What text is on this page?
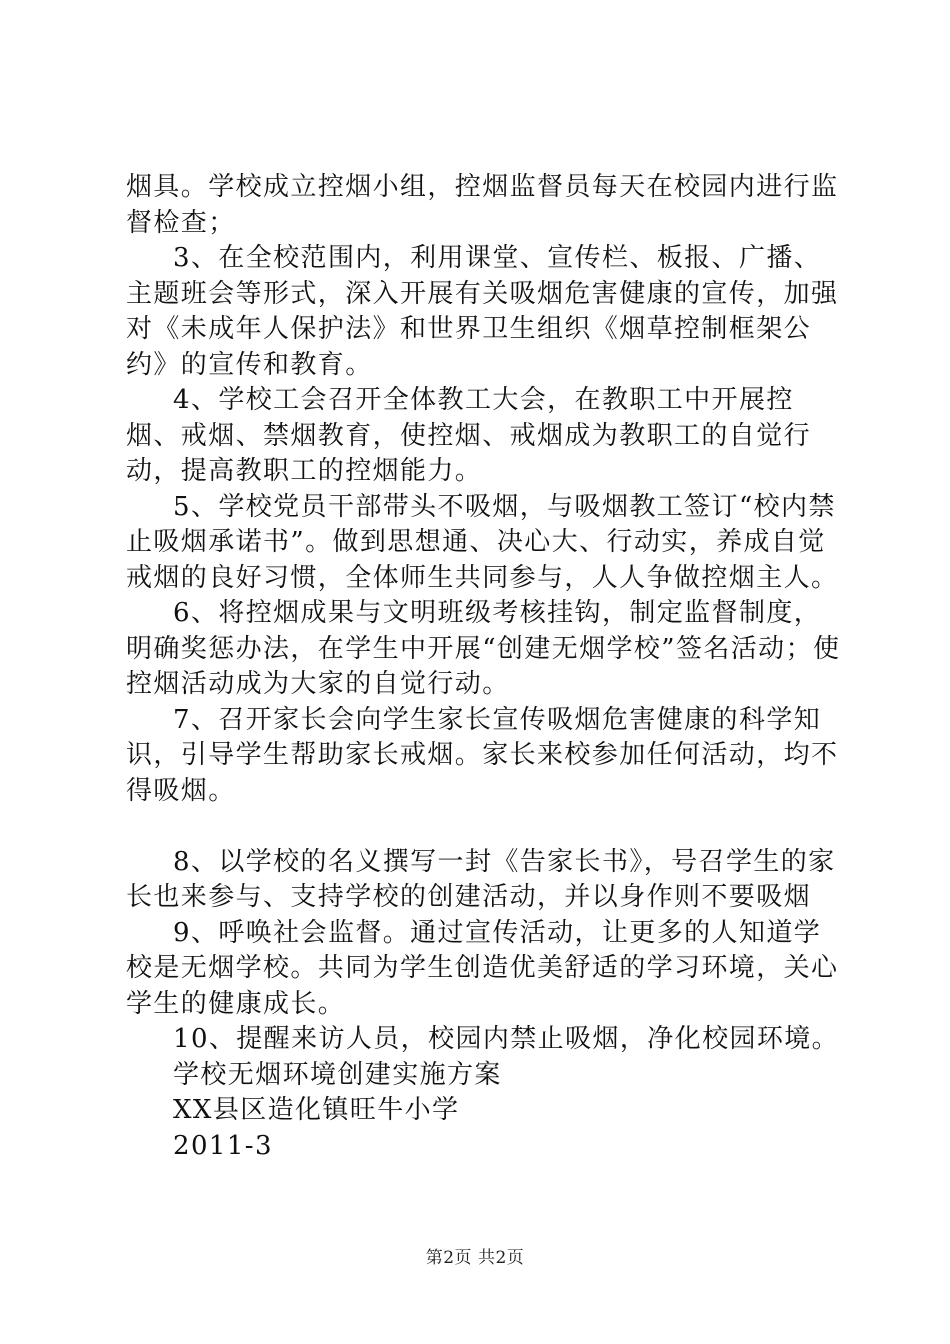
烟具。学校成立控烟小组，控烟监督员每天在校园内进行监督检查；

3、在全校范围内，利用课堂、宣传栏、板报、广播、主题班会等形式，深入开展有关吸烟危害健康的宣传，加强对《未成年人保护法》和世界卫生组织《烟草控制框架公约》的宣传和教育。

4、学校工会召开全体教工大会，在教职工中开展控烟、戒烟、禁烟教育，使控烟、戒烟成为教职工的自觉行动，提高教职工的控烟能力。

5、学校党员干部带头不吸烟，与吸烟教工签订“校内禁止吸烟承诺书”。做到思想通、决心大、行动实，养成自觉戒烟的良好习惯，全体师生共同参与，人人争做控烟主人。

6、将控烟成果与文明班级考核挂钩，制定监督制度，明确奖惩办法，在学生中开展“创建无烟学校”签名活动；使控烟活动成为大家的自觉行动。

7、召开家长会向学生家长宣传吸烟危害健康的科学知识，引导学生帮助家长戒烟。家长来校参加任何活动，均不得吸烟。

8、以学校的名义撰写一封《告家长书》，号召学生的家长也来参与、支持学校的创建活动，并以身作则不要吸烟

9、呼唤社会监督。通过宣传活动，让更多的人知道学校是无烟学校。共同为学生创造优美舒适的学习环境，关心学生的健康成长。

10、提醒来访人员，校园内禁止吸烟，净化校园环境。

学校无烟环境创建实施方案

XX县区造化镇旺牛小学

2011-3

第2页 共2页
